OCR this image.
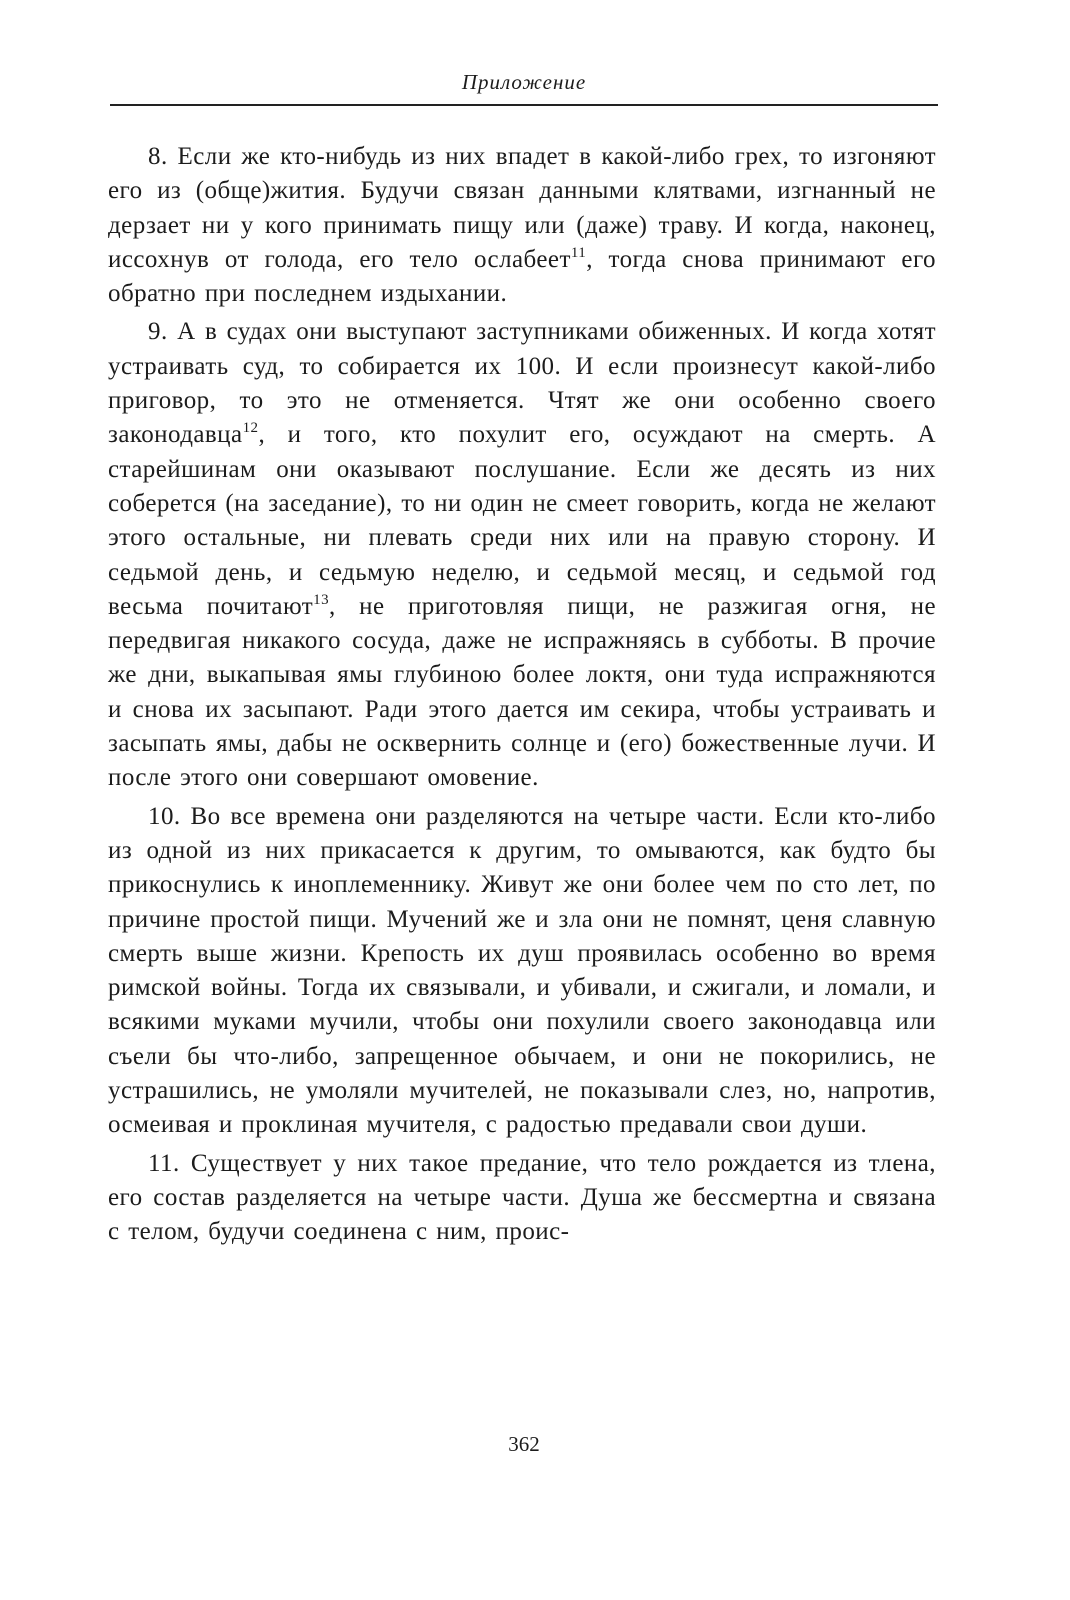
Приложение

8. Если же кто-нибудь из них впадет в какой-либо грех, то изгоняют его из (обще)жития. Будучи связан данными клятвами, изгнанный не дерзает ни у кого принимать пищу или (даже) траву. И когда, наконец, иссохнув от голода, его тело ослабеет$^{11}$, тогда снова принимают его обратно при последнем издыхании.

9. А в судах они выступают заступниками обиженных. И когда хотят устраивать суд, то собирается их 100. И если произнесут какой-либо приговор, то это не отменяется. Чтят же они особенно своего законодавца$^{12}$, и того, кто похулит его, осуждают на смерть. А старейшинам они оказывают послушание. Если же десять из них соберется (на заседание), то ни один не смеет говорить, когда не желают этого остальные, ни плевать среди них или на правую сторону. И седьмой день, и седьмую неделю, и седьмой месяц, и седьмой год весьма почитают$^{13}$, не приготовляя пищи, не разжигая огня, не передвигая никакого сосуда, даже не испражняясь в субботы. В прочие же дни, выкапывая ямы глубиною более локтя, они туда испражняются и снова их засыпают. Ради этого дается им секира, чтобы устраивать и засыпать ямы, дабы не осквернить солнце и (его) божественные лучи. И после этого они совершают омовение.

10. Во все времена они разделяются на четыре части. Если кто-либо из одной из них прикасается к другим, то омываются, как будто бы прикоснулись к иноплеменнику. Живут же они более чем по сто лет, по причине простой пищи. Мучений же и зла они не помнят, ценя славную смерть выше жизни. Крепость их душ проявилась особенно во время римской войны. Тогда их связывали, и убивали, и сжигали, и ломали, и всякими муками мучили, чтобы они похулили своего законодавца или съели бы что-либо, запрещенное обычаем, и они не покорились, не устрашились, не умоляли мучителей, не показывали слез, но, напротив, осмеивая и проклиная мучителя, с радостью предавали свои души.

11. Существует у них такое предание, что тело рождается из тлена, его состав разделяется на четыре части. Душа же бессмертна и связана с телом, будучи соединена с ним, проис-

362
